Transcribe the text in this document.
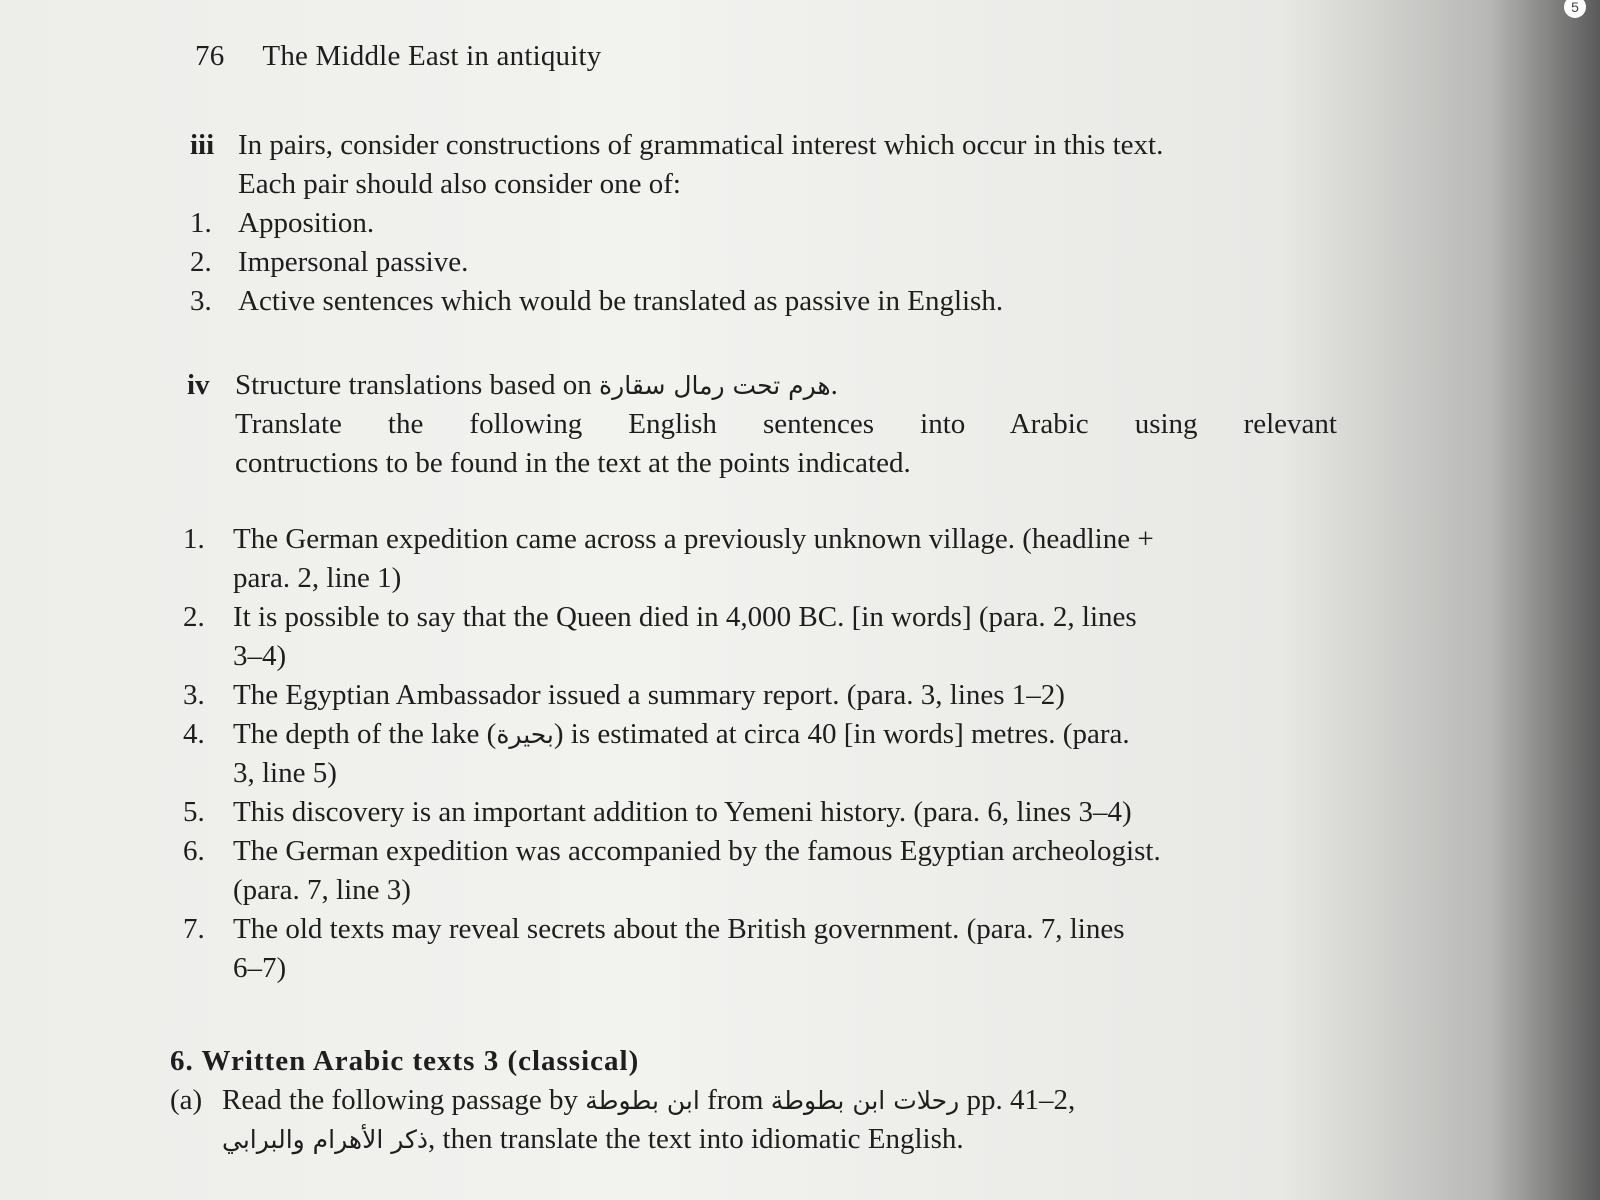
5
76 The Middle East in antiquity
iii In pairs, consider constructions of grammatical interest which occur in this text.
Each pair should also consider one of:
1. Apposition.
2. Impersonal passive.
3. Active sentences which would be translated as passive in English.
iv Structure translations based on هرم تحت رمال سقارة.
Translate the following English sentences into Arabic using relevant
contructions to be found in the text at the points indicated.
1. The German expedition came across a previously unknown village. (headline +
para. 2, line 1)
2. It is possible to say that the Queen died in 4,000 BC. [in words] (para. 2, lines
3–4)
3. The Egyptian Ambassador issued a summary report. (para. 3, lines 1–2)
4. The depth of the lake (بحيرة) is estimated at circa 40 [in words] metres. (para.
3, line 5)
5. This discovery is an important addition to Yemeni history. (para. 6, lines 3–4)
6. The German expedition was accompanied by the famous Egyptian archeologist.
(para. 7, line 3)
7. The old texts may reveal secrets about the British government. (para. 7, lines
6–7)
6. Written Arabic texts 3 (classical)
(a) Read the following passage by ابن بطوطة from رحلات ابن بطوطة pp. 41–2,
ذكر الأهرام والبرابي, then translate the text into idiomatic English.
